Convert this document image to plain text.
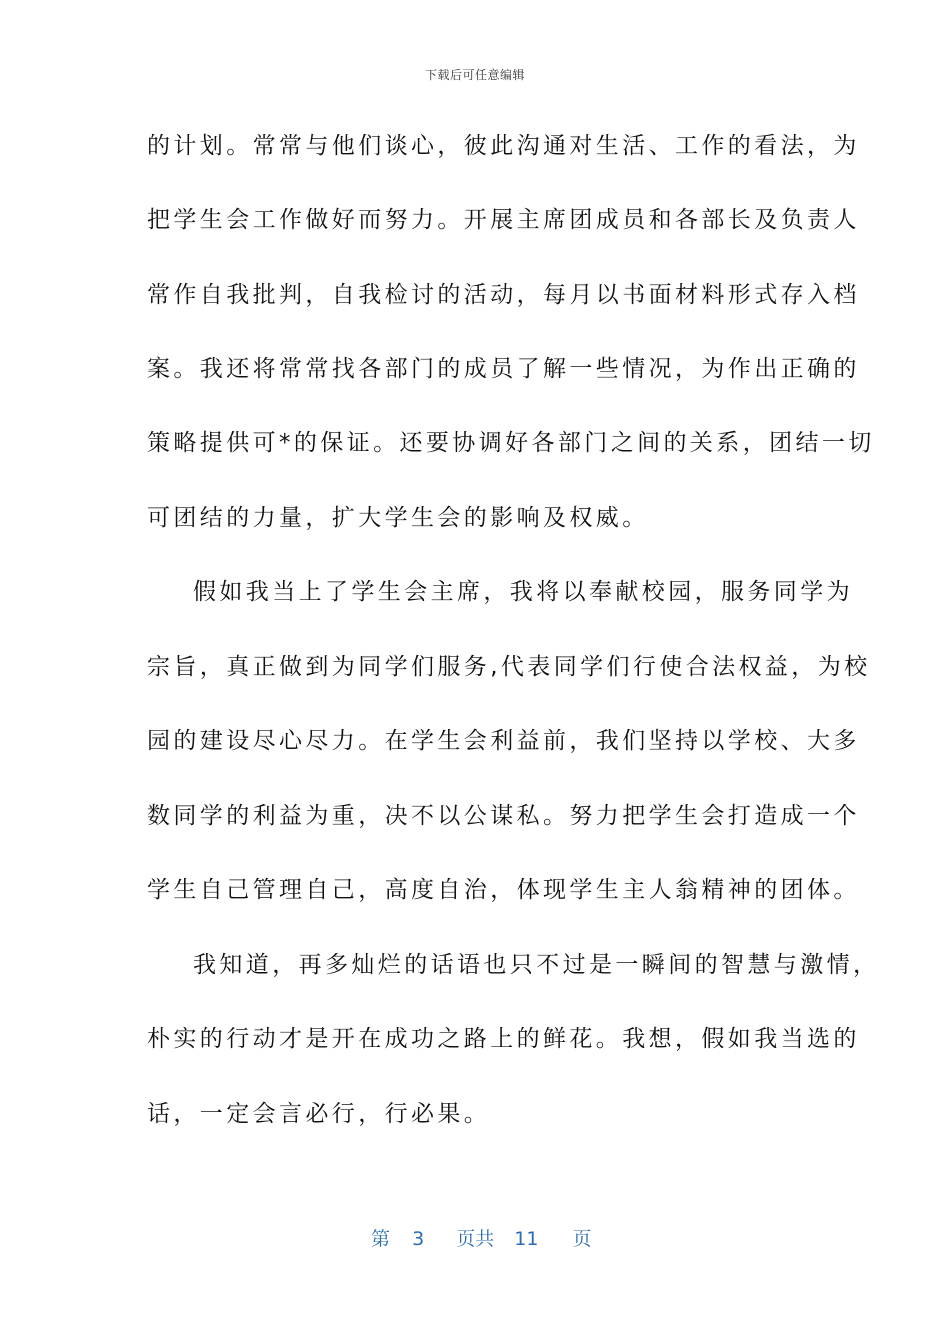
下载后可任意编辑
的计划。常常与他们谈心，彼此沟通对生活、工作的看法，为
把学生会工作做好而努力。开展主席团成员和各部长及负责人
常作自我批判，自我检讨的活动，每月以书面材料形式存入档
案。我还将常常找各部门的成员了解一些情况，为作出正确的
策略提供可*的保证。还要协调好各部门之间的关系，团结一切
可团结的力量，扩大学生会的影响及权威。
假如我当上了学生会主席，我将以奉献校园，服务同学为
宗旨，真正做到为同学们服务,代表同学们行使合法权益，为校
园的建设尽心尽力。在学生会利益前，我们坚持以学校、大多
数同学的利益为重，决不以公谋私。努力把学生会打造成一个
学生自己管理自己，高度自治，体现学生主人翁精神的团体。
我知道，再多灿烂的话语也只不过是一瞬间的智慧与激情，
朴实的行动才是开在成功之路上的鲜花。我想，假如我当选的
话，一定会言必行，行必果。
第 3 页共 11 页
